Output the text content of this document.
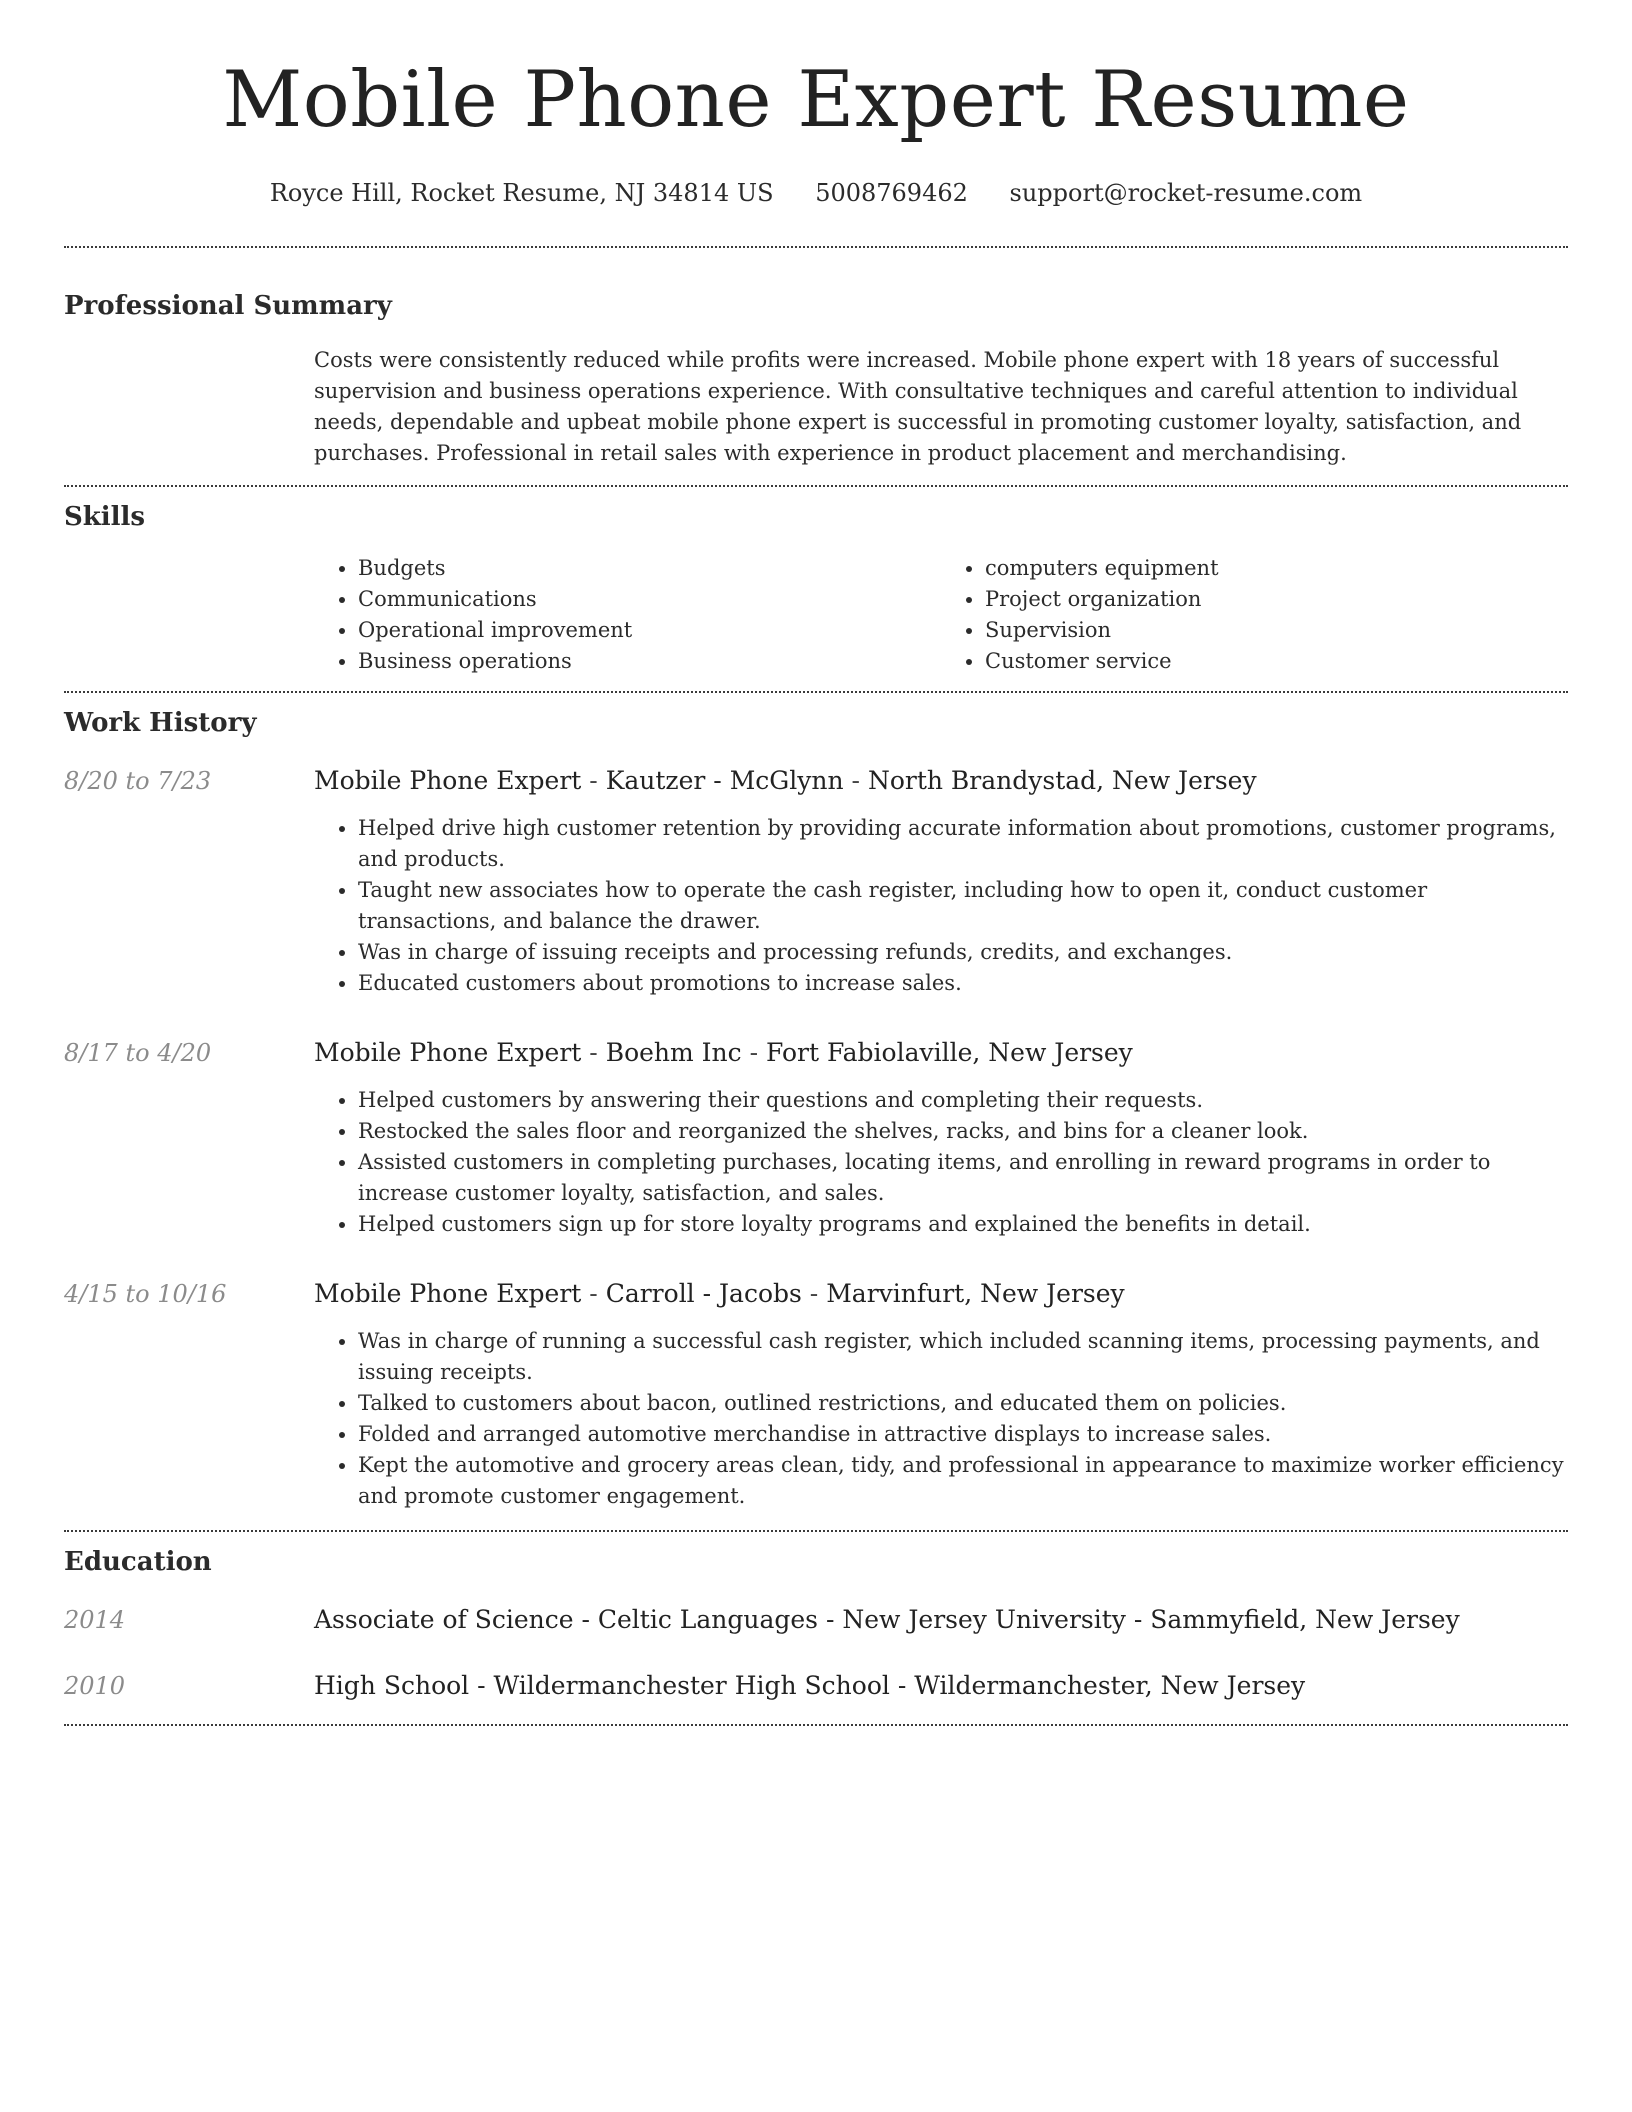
Mobile Phone Expert Resume
Royce Hill, Rocket Resume, NJ 34814 US 5008769462 support@rocket-resume.com
Professional Summary

Costs were consistently reduced while profits were increased. Mobile phone expert with 18 years of successful supervision and business operations experience. With consultative techniques and careful attention to individual needs, dependable and upbeat mobile phone expert is successful in promoting customer loyalty, satisfaction, and purchases. Professional in retail sales with experience in product placement and merchandising.

Skills
• Budgets
• Communications
• Operational improvement
• Business operations
• computers equipment
• Project organization
• Supervision
• Customer service
Work History
8/20 to 7/23	Mobile Phone Expert - Kautzer - McGlynn - North Brandystad, New Jersey
• Helped drive high customer retention by providing accurate information about promotions, customer programs, and products.
• Taught new associates how to operate the cash register, including how to open it, conduct customer transactions, and balance the drawer.
• Was in charge of issuing receipts and processing refunds, credits, and exchanges.
• Educated customers about promotions to increase sales.
8/17 to 4/20	Mobile Phone Expert - Boehm Inc - Fort Fabiolaville, New Jersey
• Helped customers by answering their questions and completing their requests.
• Restocked the sales floor and reorganized the shelves, racks, and bins for a cleaner look.
• Assisted customers in completing purchases, locating items, and enrolling in reward programs in order to increase customer loyalty, satisfaction, and sales.
• Helped customers sign up for store loyalty programs and explained the benefits in detail.
4/15 to 10/16	Mobile Phone Expert - Carroll - Jacobs - Marvinfurt, New Jersey
• Was in charge of running a successful cash register, which included scanning items, processing payments, and issuing receipts.
• Talked to customers about bacon, outlined restrictions, and educated them on policies.
• Folded and arranged automotive merchandise in attractive displays to increase sales.
• Kept the automotive and grocery areas clean, tidy, and professional in appearance to maximize worker efficiency and promote customer engagement.
Education
2014	Associate of Science - Celtic Languages - New Jersey University - Sammyfield, New Jersey
2010	High School - Wildermanchester High School - Wildermanchester, New Jersey
